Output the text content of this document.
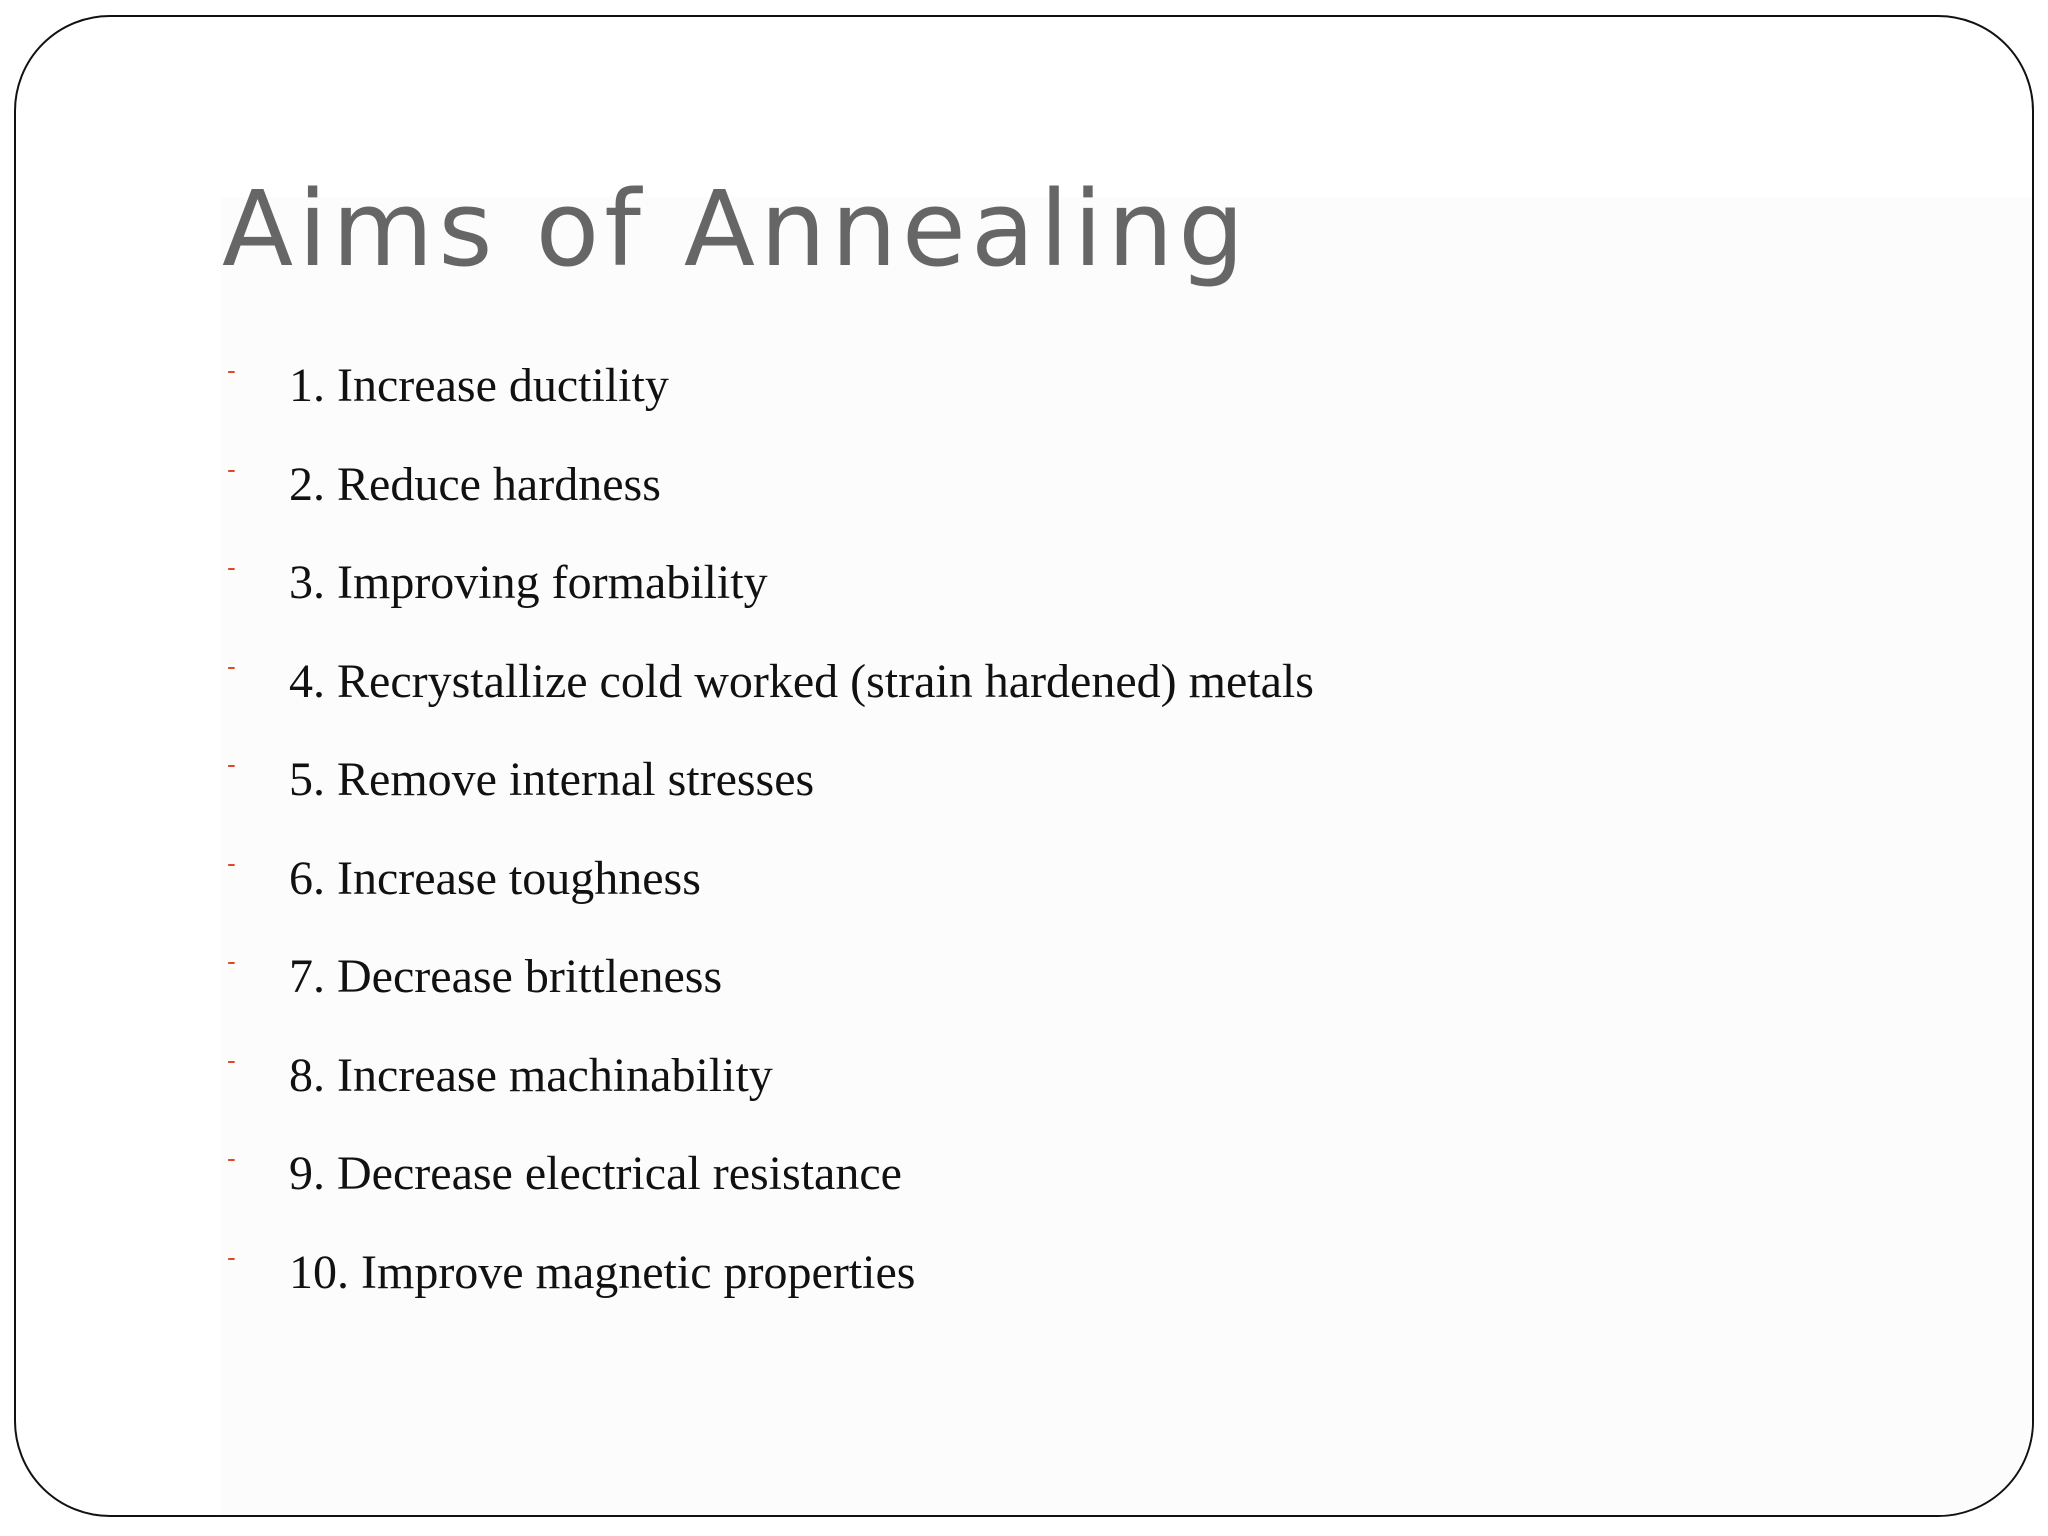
Aims of Annealing
- 1. Increase ductility
- 2. Reduce hardness
- 3. Improving formability
- 4. Recrystallize cold worked (strain hardened) metals
- 5. Remove internal stresses
- 6. Increase toughness
- 7. Decrease brittleness
- 8. Increase machinability
- 9. Decrease electrical resistance
- 10. Improve magnetic properties
